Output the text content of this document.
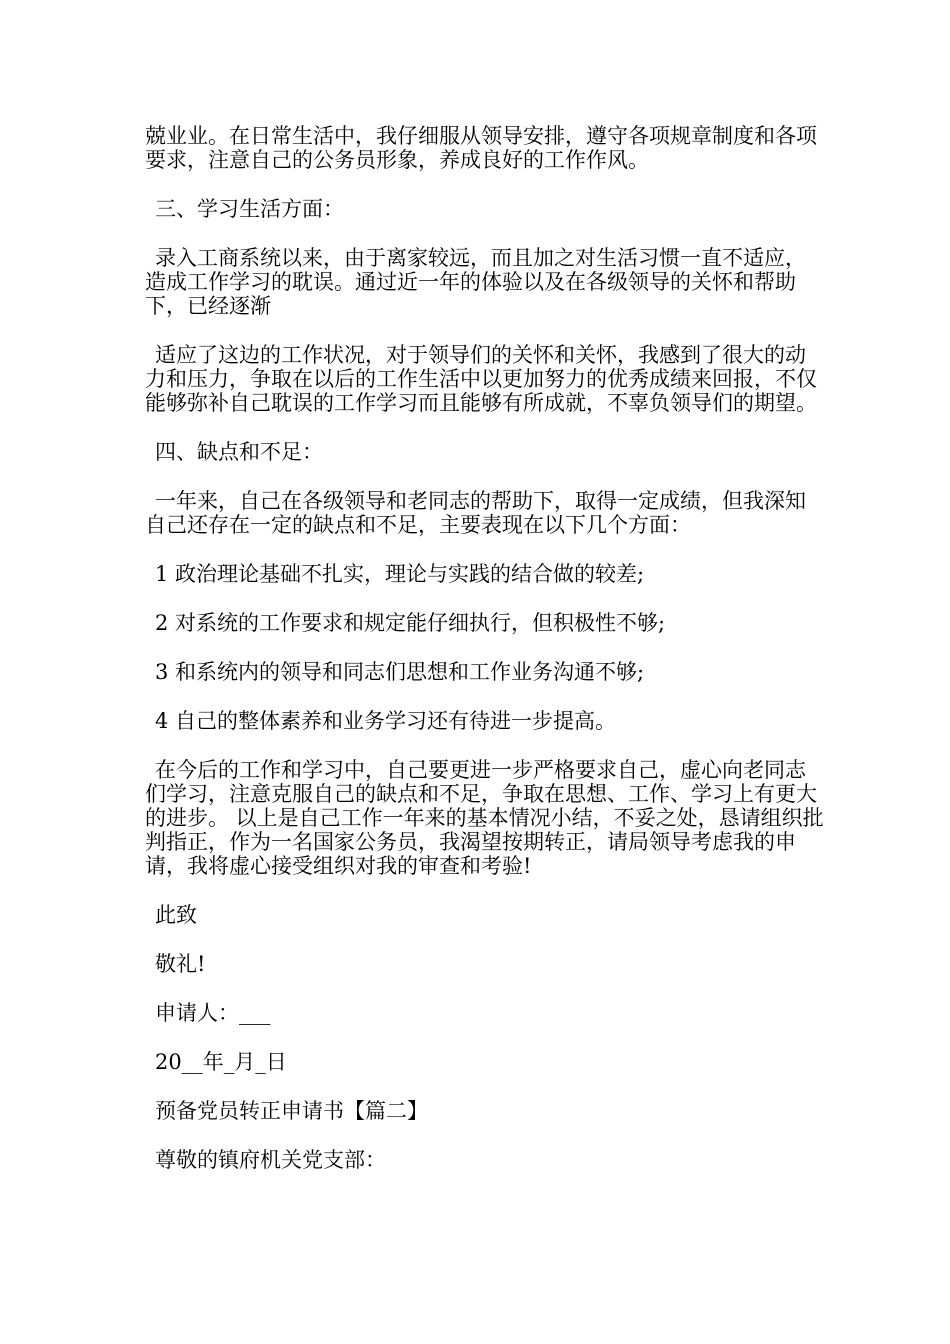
兢业业。在日常生活中，我仔细服从领导安排，遵守各项规章制度和各项要求，注意自己的公务员形象，养成良好的工作作风。

三、学习生活方面：

录入工商系统以来，由于离家较远，而且加之对生活习惯一直不适应，造成工作学习的耽误。通过近一年的体验以及在各级领导的关怀和帮助下，已经逐渐

适应了这边的工作状况，对于领导们的关怀和关怀，我感到了很大的动力和压力，争取在以后的工作生活中以更加努力的优秀成绩来回报，不仅能够弥补自己耽误的工作学习而且能够有所成就，不辜负领导们的期望。

四、缺点和不足：

一年来，自己在各级领导和老同志的帮助下，取得一定成绩，但我深知自己还存在一定的缺点和不足，主要表现在以下几个方面：

1 政治理论基础不扎实，理论与实践的结合做的较差;

2 对系统的工作要求和规定能仔细执行，但积极性不够;

3 和系统内的领导和同志们思想和工作业务沟通不够;

4 自己的整体素养和业务学习还有待进一步提高。

在今后的工作和学习中，自己要更进一步严格要求自己，虚心向老同志们学习，注意克服自己的缺点和不足，争取在思想、工作、学习上有更大的进步。 以上是自己工作一年来的基本情况小结，不妥之处，恳请组织批判指正，作为一名国家公务员，我渴望按期转正，请局领导考虑我的申请，我将虚心接受组织对我的审查和考验!

此致

敬礼!

申请人：___

20__年_月_日

预备党员转正申请书【篇二】

尊敬的镇府机关党支部：
